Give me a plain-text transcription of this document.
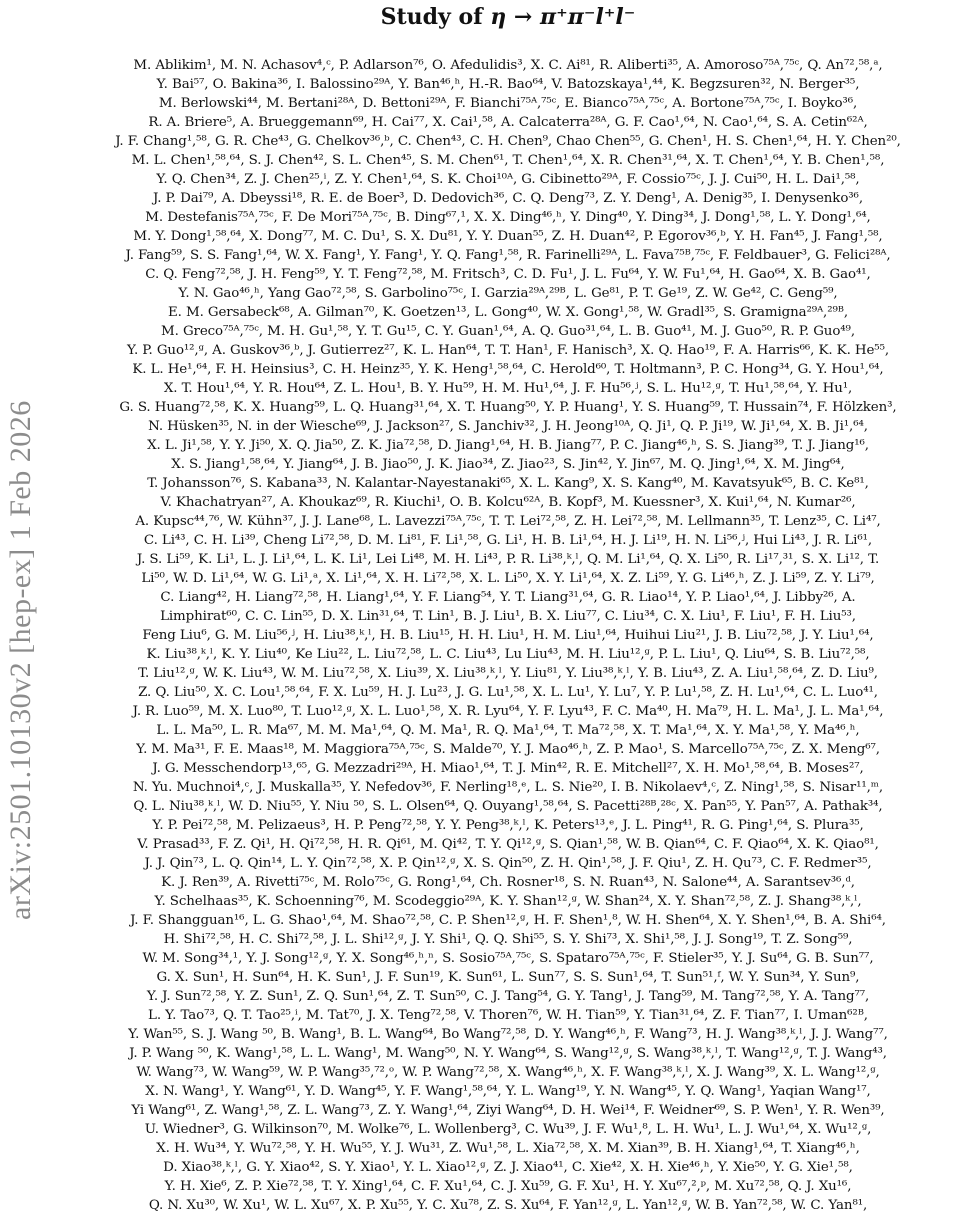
arXiv:2501.10130v2 [hep-ex] 1 Feb 2026
Study of η → π⁺π⁻l⁺l⁻
M. Ablikim¹, M. N. Achasov⁴,ᶜ, P. Adlarson⁷⁶, O. Afedulidis³, X. C. Ai⁸¹, R. Aliberti³⁵, A. Amoroso⁷⁵ᴬ,⁷⁵ᶜ, Q. An⁷²,⁵⁸,ᵃ,
Y. Bai⁵⁷, O. Bakina³⁶, I. Balossino²⁹ᴬ, Y. Ban⁴⁶,ʰ, H.-R. Bao⁶⁴, V. Batozskaya¹,⁴⁴, K. Begzsuren³², N. Berger³⁵,
M. Berlowski⁴⁴, M. Bertani²⁸ᴬ, D. Bettoni²⁹ᴬ, F. Bianchi⁷⁵ᴬ,⁷⁵ᶜ, E. Bianco⁷⁵ᴬ,⁷⁵ᶜ, A. Bortone⁷⁵ᴬ,⁷⁵ᶜ, I. Boyko³⁶,
R. A. Briere⁵, A. Brueggemann⁶⁹, H. Cai⁷⁷, X. Cai¹,⁵⁸, A. Calcaterra²⁸ᴬ, G. F. Cao¹,⁶⁴, N. Cao¹,⁶⁴, S. A. Cetin⁶²ᴬ,
J. F. Chang¹,⁵⁸, G. R. Che⁴³, G. Chelkov³⁶,ᵇ, C. Chen⁴³, C. H. Chen⁹, Chao Chen⁵⁵, G. Chen¹, H. S. Chen¹,⁶⁴, H. Y. Chen²⁰,
M. L. Chen¹,⁵⁸,⁶⁴, S. J. Chen⁴², S. L. Chen⁴⁵, S. M. Chen⁶¹, T. Chen¹,⁶⁴, X. R. Chen³¹,⁶⁴, X. T. Chen¹,⁶⁴, Y. B. Chen¹,⁵⁸,
Y. Q. Chen³⁴, Z. J. Chen²⁵,ⁱ, Z. Y. Chen¹,⁶⁴, S. K. Choi¹⁰ᴬ, G. Cibinetto²⁹ᴬ, F. Cossio⁷⁵ᶜ, J. J. Cui⁵⁰, H. L. Dai¹,⁵⁸,
J. P. Dai⁷⁹, A. Dbeyssi¹⁸, R. E. de Boer³, D. Dedovich³⁶, C. Q. Deng⁷³, Z. Y. Deng¹, A. Denig³⁵, I. Denysenko³⁶,
M. Destefanis⁷⁵ᴬ,⁷⁵ᶜ, F. De Mori⁷⁵ᴬ,⁷⁵ᶜ, B. Ding⁶⁷,¹, X. X. Ding⁴⁶,ʰ, Y. Ding⁴⁰, Y. Ding³⁴, J. Dong¹,⁵⁸, L. Y. Dong¹,⁶⁴,
M. Y. Dong¹,⁵⁸,⁶⁴, X. Dong⁷⁷, M. C. Du¹, S. X. Du⁸¹, Y. Y. Duan⁵⁵, Z. H. Duan⁴², P. Egorov³⁶,ᵇ, Y. H. Fan⁴⁵, J. Fang¹,⁵⁸,
J. Fang⁵⁹, S. S. Fang¹,⁶⁴, W. X. Fang¹, Y. Fang¹, Y. Q. Fang¹,⁵⁸, R. Farinelli²⁹ᴬ, L. Fava⁷⁵ᴮ,⁷⁵ᶜ, F. Feldbauer³, G. Felici²⁸ᴬ,
C. Q. Feng⁷²,⁵⁸, J. H. Feng⁵⁹, Y. T. Feng⁷²,⁵⁸, M. Fritsch³, C. D. Fu¹, J. L. Fu⁶⁴, Y. W. Fu¹,⁶⁴, H. Gao⁶⁴, X. B. Gao⁴¹,
Y. N. Gao⁴⁶,ʰ, Yang Gao⁷²,⁵⁸, S. Garbolino⁷⁵ᶜ, I. Garzia²⁹ᴬ,²⁹ᴮ, L. Ge⁸¹, P. T. Ge¹⁹, Z. W. Ge⁴², C. Geng⁵⁹,
E. M. Gersabeck⁶⁸, A. Gilman⁷⁰, K. Goetzen¹³, L. Gong⁴⁰, W. X. Gong¹,⁵⁸, W. Gradl³⁵, S. Gramigna²⁹ᴬ,²⁹ᴮ,
M. Greco⁷⁵ᴬ,⁷⁵ᶜ, M. H. Gu¹,⁵⁸, Y. T. Gu¹⁵, C. Y. Guan¹,⁶⁴, A. Q. Guo³¹,⁶⁴, L. B. Guo⁴¹, M. J. Guo⁵⁰, R. P. Guo⁴⁹,
Y. P. Guo¹²,ᵍ, A. Guskov³⁶,ᵇ, J. Gutierrez²⁷, K. L. Han⁶⁴, T. T. Han¹, F. Hanisch³, X. Q. Hao¹⁹, F. A. Harris⁶⁶, K. K. He⁵⁵,
K. L. He¹,⁶⁴, F. H. Heinsius³, C. H. Heinz³⁵, Y. K. Heng¹,⁵⁸,⁶⁴, C. Herold⁶⁰, T. Holtmann³, P. C. Hong³⁴, G. Y. Hou¹,⁶⁴,
X. T. Hou¹,⁶⁴, Y. R. Hou⁶⁴, Z. L. Hou¹, B. Y. Hu⁵⁹, H. M. Hu¹,⁶⁴, J. F. Hu⁵⁶,ʲ, S. L. Hu¹²,ᵍ, T. Hu¹,⁵⁸,⁶⁴, Y. Hu¹,
G. S. Huang⁷²,⁵⁸, K. X. Huang⁵⁹, L. Q. Huang³¹,⁶⁴, X. T. Huang⁵⁰, Y. P. Huang¹, Y. S. Huang⁵⁹, T. Hussain⁷⁴, F. Hölzken³,
N. Hüsken³⁵, N. in der Wiesche⁶⁹, J. Jackson²⁷, S. Janchiv³², J. H. Jeong¹⁰ᴬ, Q. Ji¹, Q. P. Ji¹⁹, W. Ji¹,⁶⁴, X. B. Ji¹,⁶⁴,
X. L. Ji¹,⁵⁸, Y. Y. Ji⁵⁰, X. Q. Jia⁵⁰, Z. K. Jia⁷²,⁵⁸, D. Jiang¹,⁶⁴, H. B. Jiang⁷⁷, P. C. Jiang⁴⁶,ʰ, S. S. Jiang³⁹, T. J. Jiang¹⁶,
X. S. Jiang¹,⁵⁸,⁶⁴, Y. Jiang⁶⁴, J. B. Jiao⁵⁰, J. K. Jiao³⁴, Z. Jiao²³, S. Jin⁴², Y. Jin⁶⁷, M. Q. Jing¹,⁶⁴, X. M. Jing⁶⁴,
T. Johansson⁷⁶, S. Kabana³³, N. Kalantar-Nayestanaki⁶⁵, X. L. Kang⁹, X. S. Kang⁴⁰, M. Kavatsyuk⁶⁵, B. C. Ke⁸¹,
V. Khachatryan²⁷, A. Khoukaz⁶⁹, R. Kiuchi¹, O. B. Kolcu⁶²ᴬ, B. Kopf³, M. Kuessner³, X. Kui¹,⁶⁴, N. Kumar²⁶,
A. Kupsc⁴⁴,⁷⁶, W. Kühn³⁷, J. J. Lane⁶⁸, L. Lavezzi⁷⁵ᴬ,⁷⁵ᶜ, T. T. Lei⁷²,⁵⁸, Z. H. Lei⁷²,⁵⁸, M. Lellmann³⁵, T. Lenz³⁵, C. Li⁴⁷,
C. Li⁴³, C. H. Li³⁹, Cheng Li⁷²,⁵⁸, D. M. Li⁸¹, F. Li¹,⁵⁸, G. Li¹, H. B. Li¹,⁶⁴, H. J. Li¹⁹, H. N. Li⁵⁶,ʲ, Hui Li⁴³, J. R. Li⁶¹,
J. S. Li⁵⁹, K. Li¹, L. J. Li¹,⁶⁴, L. K. Li¹, Lei Li⁴⁸, M. H. Li⁴³, P. R. Li³⁸,ᵏ,ˡ, Q. M. Li¹,⁶⁴, Q. X. Li⁵⁰, R. Li¹⁷,³¹, S. X. Li¹², T.
Li⁵⁰, W. D. Li¹,⁶⁴, W. G. Li¹,ᵃ, X. Li¹,⁶⁴, X. H. Li⁷²,⁵⁸, X. L. Li⁵⁰, X. Y. Li¹,⁶⁴, X. Z. Li⁵⁹, Y. G. Li⁴⁶,ʰ, Z. J. Li⁵⁹, Z. Y. Li⁷⁹,
C. Liang⁴², H. Liang⁷²,⁵⁸, H. Liang¹,⁶⁴, Y. F. Liang⁵⁴, Y. T. Liang³¹,⁶⁴, G. R. Liao¹⁴, Y. P. Liao¹,⁶⁴, J. Libby²⁶, A.
Limphirat⁶⁰, C. C. Lin⁵⁵, D. X. Lin³¹,⁶⁴, T. Lin¹, B. J. Liu¹, B. X. Liu⁷⁷, C. Liu³⁴, C. X. Liu¹, F. Liu¹, F. H. Liu⁵³,
Feng Liu⁶, G. M. Liu⁵⁶,ʲ, H. Liu³⁸,ᵏ,ˡ, H. B. Liu¹⁵, H. H. Liu¹, H. M. Liu¹,⁶⁴, Huihui Liu²¹, J. B. Liu⁷²,⁵⁸, J. Y. Liu¹,⁶⁴,
K. Liu³⁸,ᵏ,ˡ, K. Y. Liu⁴⁰, Ke Liu²², L. Liu⁷²,⁵⁸, L. C. Liu⁴³, Lu Liu⁴³, M. H. Liu¹²,ᵍ, P. L. Liu¹, Q. Liu⁶⁴, S. B. Liu⁷²,⁵⁸,
T. Liu¹²,ᵍ, W. K. Liu⁴³, W. M. Liu⁷²,⁵⁸, X. Liu³⁹, X. Liu³⁸,ᵏ,ˡ, Y. Liu⁸¹, Y. Liu³⁸,ᵏ,ˡ, Y. B. Liu⁴³, Z. A. Liu¹,⁵⁸,⁶⁴, Z. D. Liu⁹,
Z. Q. Liu⁵⁰, X. C. Lou¹,⁵⁸,⁶⁴, F. X. Lu⁵⁹, H. J. Lu²³, J. G. Lu¹,⁵⁸, X. L. Lu¹, Y. Lu⁷, Y. P. Lu¹,⁵⁸, Z. H. Lu¹,⁶⁴, C. L. Luo⁴¹,
J. R. Luo⁵⁹, M. X. Luo⁸⁰, T. Luo¹²,ᵍ, X. L. Luo¹,⁵⁸, X. R. Lyu⁶⁴, Y. F. Lyu⁴³, F. C. Ma⁴⁰, H. Ma⁷⁹, H. L. Ma¹, J. L. Ma¹,⁶⁴,
L. L. Ma⁵⁰, L. R. Ma⁶⁷, M. M. Ma¹,⁶⁴, Q. M. Ma¹, R. Q. Ma¹,⁶⁴, T. Ma⁷²,⁵⁸, X. T. Ma¹,⁶⁴, X. Y. Ma¹,⁵⁸, Y. Ma⁴⁶,ʰ,
Y. M. Ma³¹, F. E. Maas¹⁸, M. Maggiora⁷⁵ᴬ,⁷⁵ᶜ, S. Malde⁷⁰, Y. J. Mao⁴⁶,ʰ, Z. P. Mao¹, S. Marcello⁷⁵ᴬ,⁷⁵ᶜ, Z. X. Meng⁶⁷,
J. G. Messchendorp¹³,⁶⁵, G. Mezzadri²⁹ᴬ, H. Miao¹,⁶⁴, T. J. Min⁴², R. E. Mitchell²⁷, X. H. Mo¹,⁵⁸,⁶⁴, B. Moses²⁷,
N. Yu. Muchnoi⁴,ᶜ, J. Muskalla³⁵, Y. Nefedov³⁶, F. Nerling¹⁸,ᵉ, L. S. Nie²⁰, I. B. Nikolaev⁴,ᶜ, Z. Ning¹,⁵⁸, S. Nisar¹¹,ᵐ,
Q. L. Niu³⁸,ᵏ,ˡ, W. D. Niu⁵⁵, Y. Niu ⁵⁰, S. L. Olsen⁶⁴, Q. Ouyang¹,⁵⁸,⁶⁴, S. Pacetti²⁸ᴮ,²⁸ᶜ, X. Pan⁵⁵, Y. Pan⁵⁷, A. Pathak³⁴,
Y. P. Pei⁷²,⁵⁸, M. Pelizaeus³, H. P. Peng⁷²,⁵⁸, Y. Y. Peng³⁸,ᵏ,ˡ, K. Peters¹³,ᵉ, J. L. Ping⁴¹, R. G. Ping¹,⁶⁴, S. Plura³⁵,
V. Prasad³³, F. Z. Qi¹, H. Qi⁷²,⁵⁸, H. R. Qi⁶¹, M. Qi⁴², T. Y. Qi¹²,ᵍ, S. Qian¹,⁵⁸, W. B. Qian⁶⁴, C. F. Qiao⁶⁴, X. K. Qiao⁸¹,
J. J. Qin⁷³, L. Q. Qin¹⁴, L. Y. Qin⁷²,⁵⁸, X. P. Qin¹²,ᵍ, X. S. Qin⁵⁰, Z. H. Qin¹,⁵⁸, J. F. Qiu¹, Z. H. Qu⁷³, C. F. Redmer³⁵,
K. J. Ren³⁹, A. Rivetti⁷⁵ᶜ, M. Rolo⁷⁵ᶜ, G. Rong¹,⁶⁴, Ch. Rosner¹⁸, S. N. Ruan⁴³, N. Salone⁴⁴, A. Sarantsev³⁶,ᵈ,
Y. Schelhaas³⁵, K. Schoenning⁷⁶, M. Scodeggio²⁹ᴬ, K. Y. Shan¹²,ᵍ, W. Shan²⁴, X. Y. Shan⁷²,⁵⁸, Z. J. Shang³⁸,ᵏ,ˡ,
J. F. Shangguan¹⁶, L. G. Shao¹,⁶⁴, M. Shao⁷²,⁵⁸, C. P. Shen¹²,ᵍ, H. F. Shen¹,⁸, W. H. Shen⁶⁴, X. Y. Shen¹,⁶⁴, B. A. Shi⁶⁴,
H. Shi⁷²,⁵⁸, H. C. Shi⁷²,⁵⁸, J. L. Shi¹²,ᵍ, J. Y. Shi¹, Q. Q. Shi⁵⁵, S. Y. Shi⁷³, X. Shi¹,⁵⁸, J. J. Song¹⁹, T. Z. Song⁵⁹,
W. M. Song³⁴,¹, Y. J. Song¹²,ᵍ, Y. X. Song⁴⁶,ʰ,ⁿ, S. Sosio⁷⁵ᴬ,⁷⁵ᶜ, S. Spataro⁷⁵ᴬ,⁷⁵ᶜ, F. Stieler³⁵, Y. J. Su⁶⁴, G. B. Sun⁷⁷,
G. X. Sun¹, H. Sun⁶⁴, H. K. Sun¹, J. F. Sun¹⁹, K. Sun⁶¹, L. Sun⁷⁷, S. S. Sun¹,⁶⁴, T. Sun⁵¹,ᶠ, W. Y. Sun³⁴, Y. Sun⁹,
Y. J. Sun⁷²,⁵⁸, Y. Z. Sun¹, Z. Q. Sun¹,⁶⁴, Z. T. Sun⁵⁰, C. J. Tang⁵⁴, G. Y. Tang¹, J. Tang⁵⁹, M. Tang⁷²,⁵⁸, Y. A. Tang⁷⁷,
L. Y. Tao⁷³, Q. T. Tao²⁵,ⁱ, M. Tat⁷⁰, J. X. Teng⁷²,⁵⁸, V. Thoren⁷⁶, W. H. Tian⁵⁹, Y. Tian³¹,⁶⁴, Z. F. Tian⁷⁷, I. Uman⁶²ᴮ,
Y. Wan⁵⁵, S. J. Wang ⁵⁰, B. Wang¹, B. L. Wang⁶⁴, Bo Wang⁷²,⁵⁸, D. Y. Wang⁴⁶,ʰ, F. Wang⁷³, H. J. Wang³⁸,ᵏ,ˡ, J. J. Wang⁷⁷,
J. P. Wang ⁵⁰, K. Wang¹,⁵⁸, L. L. Wang¹, M. Wang⁵⁰, N. Y. Wang⁶⁴, S. Wang¹²,ᵍ, S. Wang³⁸,ᵏ,ˡ, T. Wang¹²,ᵍ, T. J. Wang⁴³,
W. Wang⁷³, W. Wang⁵⁹, W. P. Wang³⁵,⁷²,ᵒ, W. P. Wang⁷²,⁵⁸, X. Wang⁴⁶,ʰ, X. F. Wang³⁸,ᵏ,ˡ, X. J. Wang³⁹, X. L. Wang¹²,ᵍ,
X. N. Wang¹, Y. Wang⁶¹, Y. D. Wang⁴⁵, Y. F. Wang¹,⁵⁸,⁶⁴, Y. L. Wang¹⁹, Y. N. Wang⁴⁵, Y. Q. Wang¹, Yaqian Wang¹⁷,
Yi Wang⁶¹, Z. Wang¹,⁵⁸, Z. L. Wang⁷³, Z. Y. Wang¹,⁶⁴, Ziyi Wang⁶⁴, D. H. Wei¹⁴, F. Weidner⁶⁹, S. P. Wen¹, Y. R. Wen³⁹,
U. Wiedner³, G. Wilkinson⁷⁰, M. Wolke⁷⁶, L. Wollenberg³, C. Wu³⁹, J. F. Wu¹,⁸, L. H. Wu¹, L. J. Wu¹,⁶⁴, X. Wu¹²,ᵍ,
X. H. Wu³⁴, Y. Wu⁷²,⁵⁸, Y. H. Wu⁵⁵, Y. J. Wu³¹, Z. Wu¹,⁵⁸, L. Xia⁷²,⁵⁸, X. M. Xian³⁹, B. H. Xiang¹,⁶⁴, T. Xiang⁴⁶,ʰ,
D. Xiao³⁸,ᵏ,ˡ, G. Y. Xiao⁴², S. Y. Xiao¹, Y. L. Xiao¹²,ᵍ, Z. J. Xiao⁴¹, C. Xie⁴², X. H. Xie⁴⁶,ʰ, Y. Xie⁵⁰, Y. G. Xie¹,⁵⁸,
Y. H. Xie⁶, Z. P. Xie⁷²,⁵⁸, T. Y. Xing¹,⁶⁴, C. F. Xu¹,⁶⁴, C. J. Xu⁵⁹, G. F. Xu¹, H. Y. Xu⁶⁷,²,ᵖ, M. Xu⁷²,⁵⁸, Q. J. Xu¹⁶,
Q. N. Xu³⁰, W. Xu¹, W. L. Xu⁶⁷, X. P. Xu⁵⁵, Y. C. Xu⁷⁸, Z. S. Xu⁶⁴, F. Yan¹²,ᵍ, L. Yan¹²,ᵍ, W. B. Yan⁷²,⁵⁸, W. C. Yan⁸¹,
